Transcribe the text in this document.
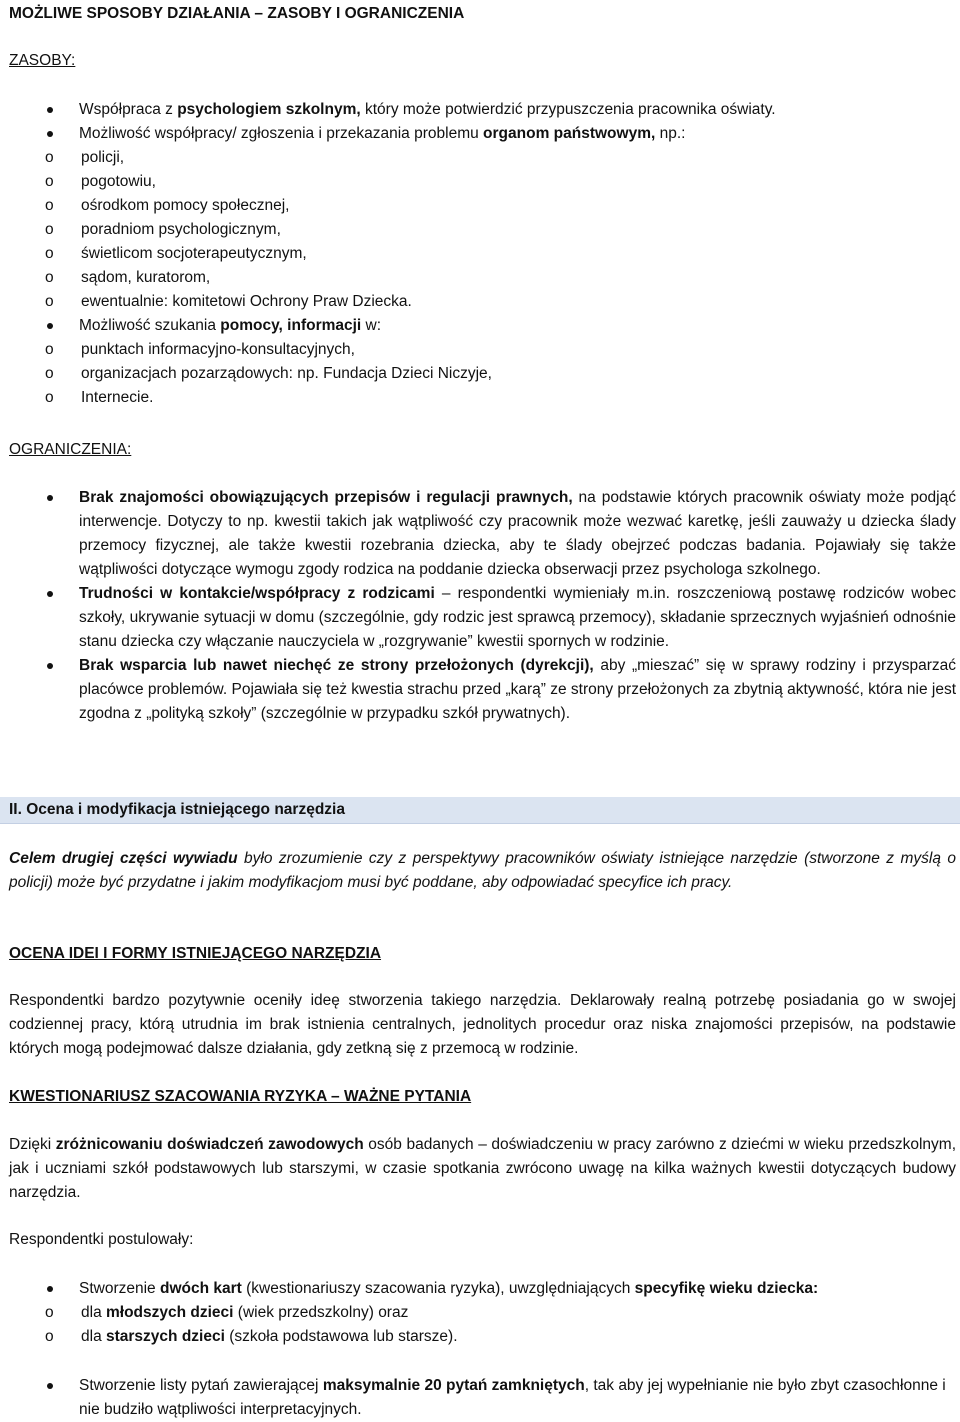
MOŻLIWE SPOSOBY DZIAŁANIA – ZASOBY I OGRANICZENIA

ZASOBY:

Współpraca z psychologiem szkolnym, który może potwierdzić przypuszczenia pracownika oświaty.
Możliwość współpracy/ zgłoszenia i przekazania problemu organom państwowym, np.:
o policji,
o pogotowiu,
o ośrodkom pomocy społecznej,
o poradniom psychologicznym,
o świetlicom socjoterapeutycznym,
o sądom, kuratorom,
o ewentualnie: komitetowi Ochrony Praw Dziecka.
Możliwość szukania pomocy, informacji w:
o punktach informacyjno-konsultacyjnych,
o organizacjach pozarządowych: np. Fundacja Dzieci Niczyje,
o Internecie.

OGRANICZENIA:

Brak znajomości obowiązujących przepisów i regulacji prawnych, na podstawie których pracownik oświaty może podjąć interwencje. Dotyczy to np. kwestii takich jak wątpliwość czy pracownik może wezwać karetkę, jeśli zauważy u dziecka ślady przemocy fizycznej, ale także kwestii rozebrania dziecka, aby te ślady obejrzeć podczas badania. Pojawiały się także wątpliwości dotyczące wymogu zgody rodzica na poddanie dziecka obserwacji przez psychologa szkolnego.
Trudności w kontakcie/współpracy z rodzicami – respondentki wymieniały m.in. roszczeniową postawę rodziców wobec szkoły, ukrywanie sytuacji w domu (szczególnie, gdy rodzic jest sprawcą przemocy), składanie sprzecznych wyjaśnień odnośnie stanu dziecka czy włączanie nauczyciela w „rozgrywanie” kwestii spornych w rodzinie.
Brak wsparcia lub nawet niechęć ze strony przełożonych (dyrekcji), aby „mieszać” się w sprawy rodziny i przysparzać placówce problemów. Pojawiała się też kwestia strachu przed „karą” ze strony przełożonych za zbytnią aktywność, która nie jest zgodna z „polityką szkoły” (szczególnie w przypadku szkół prywatnych).
II. Ocena i modyfikacja istniejącego narzędzia

Celem drugiej części wywiadu było zrozumienie czy z perspektywy pracowników oświaty istniejące narzędzie (stworzone z myślą o policji) może być przydatne i jakim modyfikacjom musi być poddane, aby odpowiadać specyfice ich pracy.

OCENA IDEI I FORMY ISTNIEJĄCEGO NARZĘDZIA

Respondentki bardzo pozytywnie oceniły ideę stworzenia takiego narzędzia. Deklarowały realną potrzebę posiadania go w swojej codziennej pracy, którą utrudnia im brak istnienia centralnych, jednolitych procedur oraz niska znajomości przepisów, na podstawie których mogą podejmować dalsze działania, gdy zetkną się z przemocą w rodzinie.

KWESTIONARIUSZ SZACOWANIA RYZYKA – WAŻNE PYTANIA

Dzięki zróżnicowaniu doświadczeń zawodowych osób badanych – doświadczeniu w pracy zarówno z dziećmi w wieku przedszkolnym, jak i uczniami szkół podstawowych lub starszymi, w czasie spotkania zwrócono uwagę na kilka ważnych kwestii dotyczących budowy narzędzia.

Respondentki postulowały:

Stworzenie dwóch kart (kwestionariuszy szacowania ryzyka), uwzględniających specyfikę wieku dziecka:
o dla młodszych dzieci (wiek przedszkolny) oraz
o dla starszych dzieci (szkoła podstawowa lub starsze).
Stworzenie listy pytań zawierającej maksymalnie 20 pytań zamkniętych, tak aby jej wypełnianie nie było zbyt czasochłonne i nie budziło wątpliwości interpretacyjnych.
